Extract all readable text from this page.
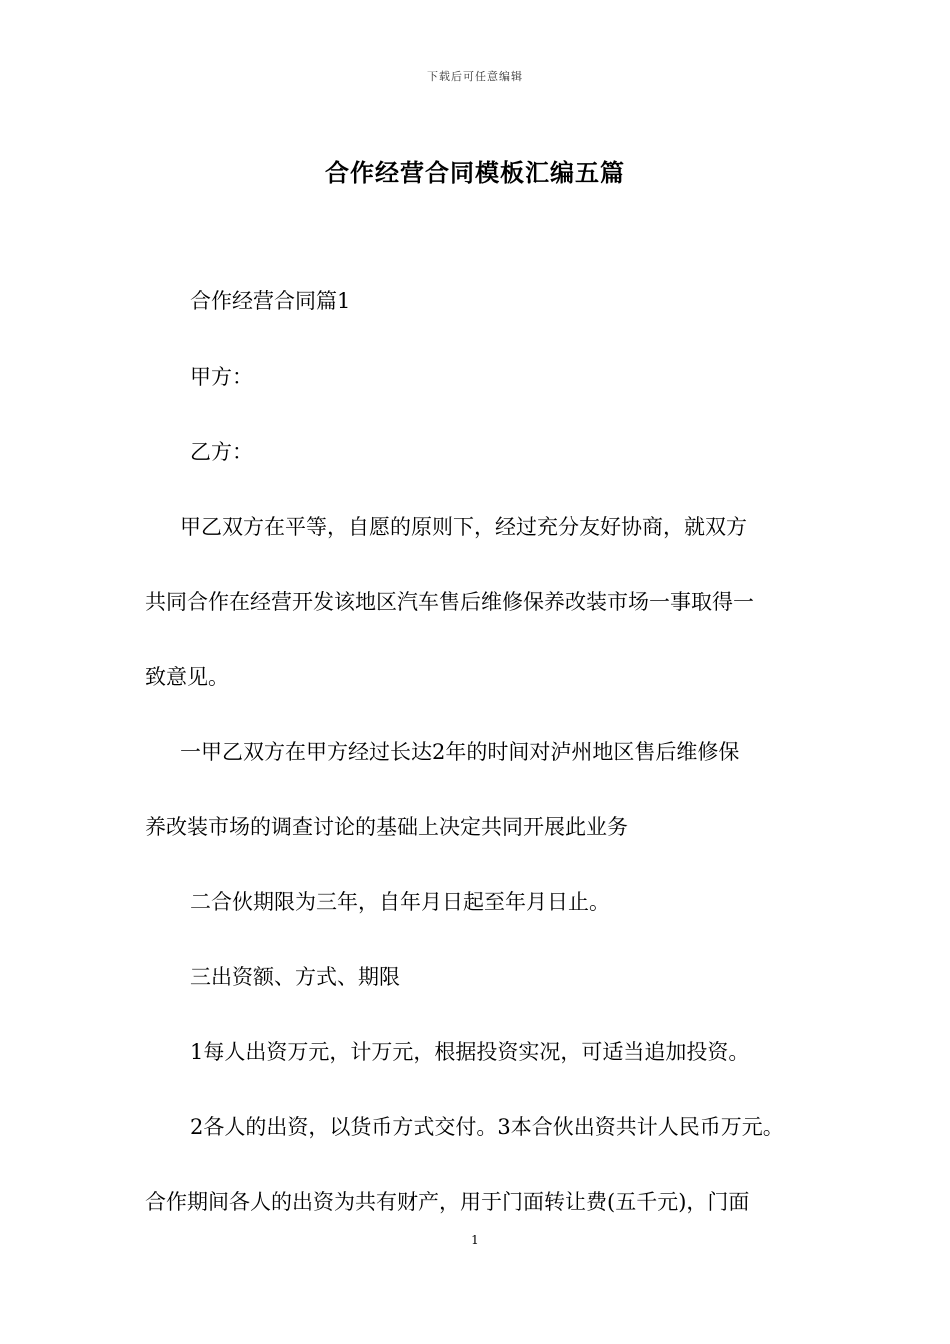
下载后可任意编辑
合作经营合同模板汇编五篇
合作经营合同篇1
甲方：
乙方：
甲乙双方在平等，自愿的原则下，经过充分友好协商，就双方
共同合作在经营开发该地区汽车售后维修保养改装市场一事取得一
致意见。
一甲乙双方在甲方经过长达2年的时间对泸州地区售后维修保
养改装市场的调查讨论的基础上决定共同开展此业务
二合伙期限为三年，自年月日起至年月日止。
三出资额、方式、期限
1每人出资万元，计万元，根据投资实况，可适当追加投资。
2各人的出资，以货币方式交付。3本合伙出资共计人民币万元。
合作期间各人的出资为共有财产，用于门面转让费(五千元)，门面
1
